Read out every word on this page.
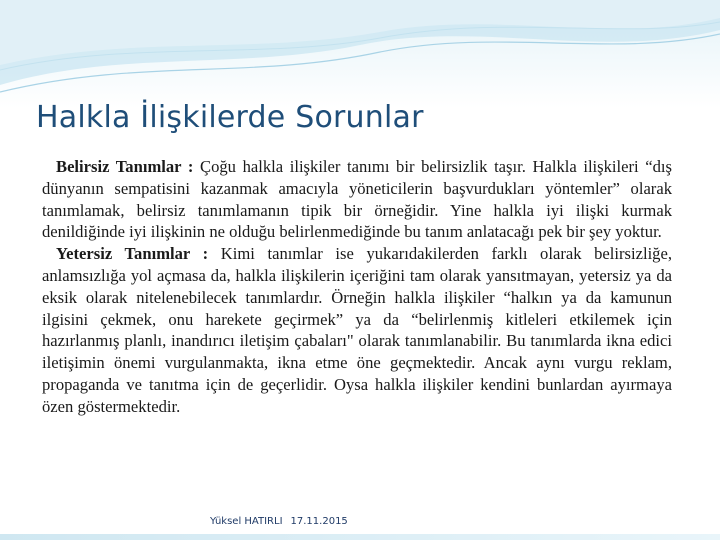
Halkla İlişkilerde Sorunlar

Belirsiz Tanımlar : Çoğu halkla ilişkiler tanımı bir belirsizlik taşır. Halkla ilişkileri “dış dünyanın sempatisini kazanmak amacıyla yöneticilerin başvurdukları yöntemler” olarak tanımlamak, belirsiz tanımlamanın tipik bir örneğidir. Yine halkla iyi ilişki kurmak denildiğinde iyi ilişkinin ne olduğu belirlenmediğinde bu tanım anlatacağı pek bir şey yoktur.

Yetersiz Tanımlar : Kimi tanımlar ise yukarıdakilerden farklı olarak belirsizliğe, anlamsızlığa yol açmasa da, halkla ilişkilerin içeriğini tam olarak yansıtmayan, yetersiz ya da eksik olarak nitelenebilecek tanımlardır. Örneğin halkla ilişkiler “halkın ya da kamunun ilgisini çekmek, onu harekete geçirmek” ya da “belirlenmiş kitleleri etkilemek için hazırlanmış planlı, inandırıcı iletişim çabaları" olarak tanımlanabilir. Bu tanımlarda ikna edici iletişimin önemi vurgulanmakta, ikna etme öne geçmektedir. Ancak aynı vurgu reklam, propaganda ve tanıtma için de geçerlidir. Oysa halkla ilişkiler kendini bunlardan ayırmaya özen göstermektedir.

Yüksel HATIRLI 17.11.2015
